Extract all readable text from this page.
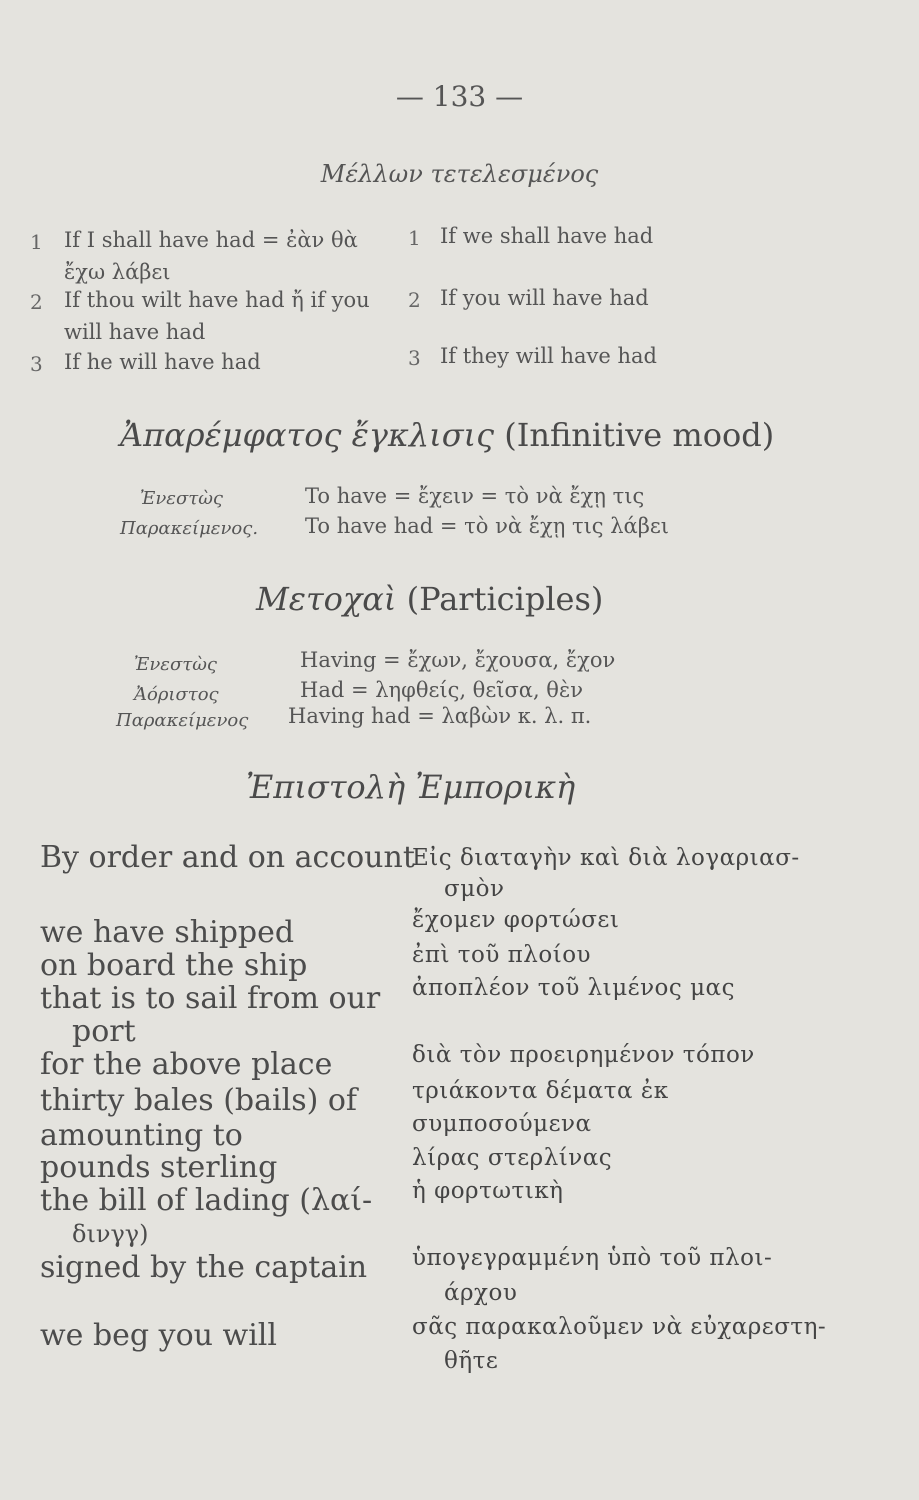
— 133 —
Μέλλων τετελεσμένος
1 If I shall have had = ἐὰν θὰ
ἔχω λάβει
2 If thou wilt have had ἤ if you
will have had
3 If he will have had
1 If we shall have had
2 If you will have had
3 If they will have had
Ἀπαρέμφατος ἔγκλισις (Infinitive mood)
Ἐνεστὼς	To have = ἔχειν = τὸ νὰ ἔχῃ τις
Παρακείμενος. To have had = τὸ νὰ ἔχῃ τις λάβει
Μετοχαὶ (Participles)
Ἐνεστὼς	Having = ἔχων, ἔχουσα, ἔχον
Ἀόριστος	Had = ληφθείς, θεῖσα, θὲν
Παρακείμενος Having had = λαβὼν κ. λ. π.
Ἐπιστολὴ Ἐμπορικὴ
By order and on account
we have shipped
on board the ship
that is to sail from our
port
for the above place
thirty bales (bails) of
amounting to
pounds sterling
the bill of lading (λαί-
δινγγ)
signed by the captain
we beg you will
Εἰς διαταγὴν καὶ διὰ λογαριασ-
σμὸν
ἔχομεν φορτώσει
ἐπὶ τοῦ πλοίου
ἀποπλέον τοῦ λιμένος μας
διὰ τὸν προειρημένον τόπον
τριάκοντα δέματα ἐκ
συμποσούμενα
λίρας στερλίνας
ἡ φορτωτικὴ
ὑπογεγραμμένη ὑπὸ τοῦ πλοι-
άρχου
σᾶς παρακαλοῦμεν νὰ εὐχαρεστη-
θῆτε
